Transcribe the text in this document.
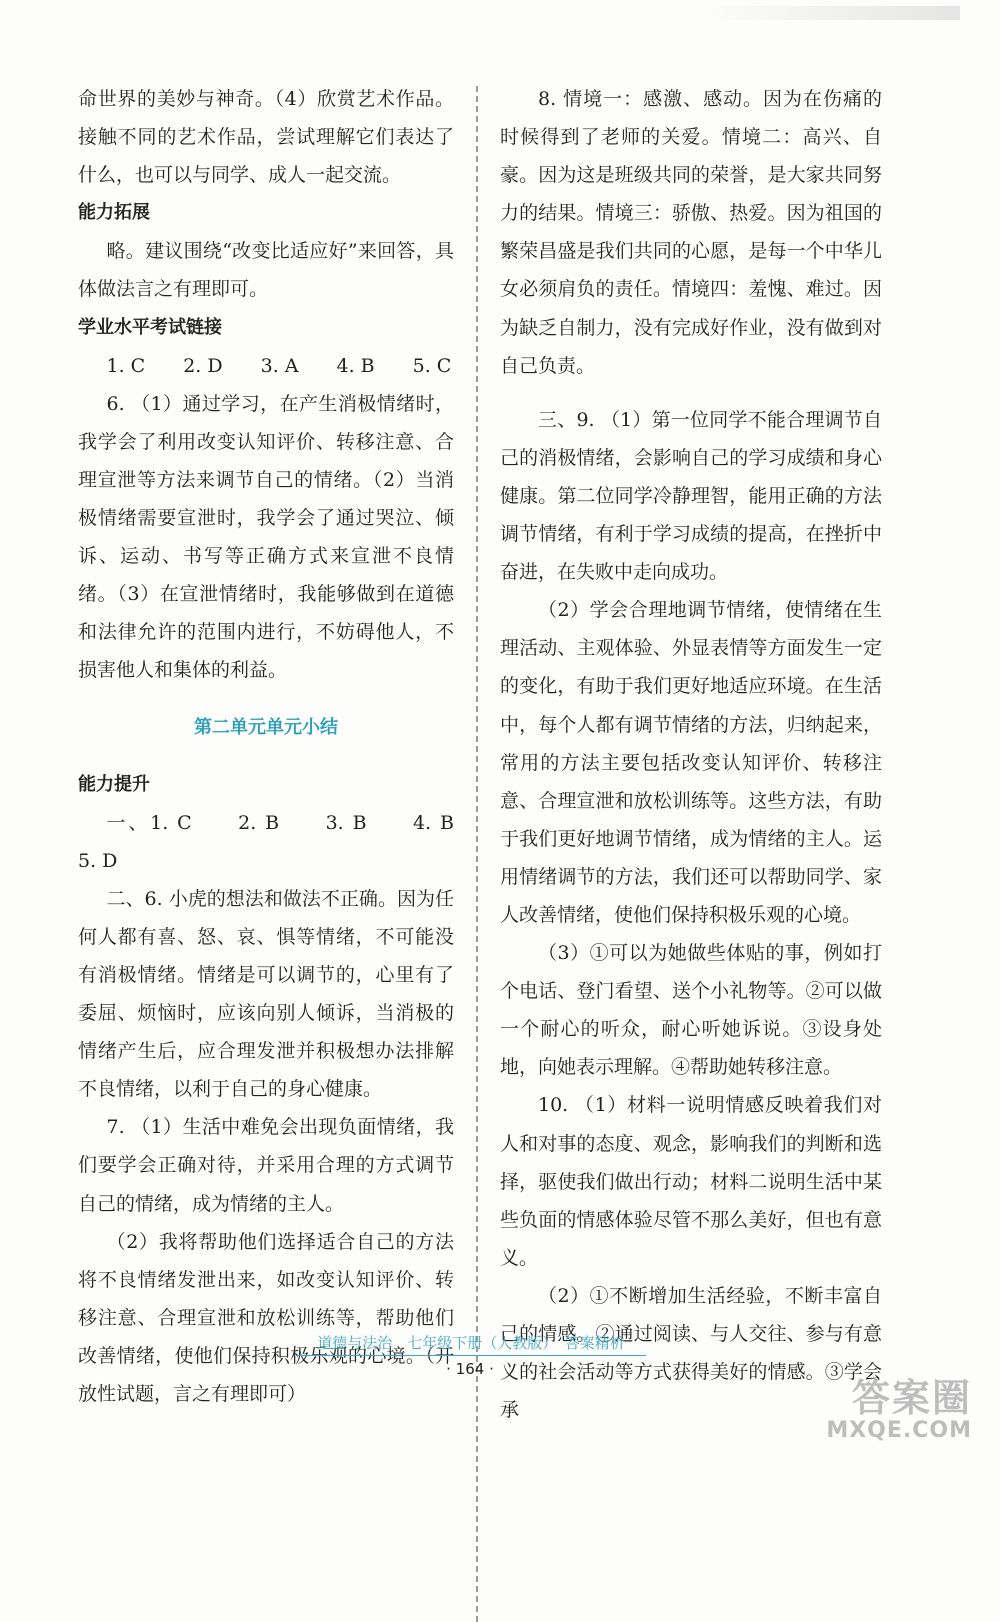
命世界的美妙与神奇。（4）欣赏艺术作品。接触不同的艺术作品，尝试理解它们表达了什么，也可以与同学、成人一起交流。

能力拓展

略。建议围绕“改变比适应好”来回答，具体做法言之有理即可。

学业水平考试链接

1. C　　2. D　　3. A　　4. B　　5. C

6. （1）通过学习，在产生消极情绪时，我学会了利用改变认知评价、转移注意、合理宣泄等方法来调节自己的情绪。（2）当消极情绪需要宣泄时，我学会了通过哭泣、倾诉、运动、书写等正确方式来宣泄不良情绪。（3）在宣泄情绪时，我能够做到在道德和法律允许的范围内进行，不妨碍他人，不损害他人和集体的利益。

第二单元单元小结

能力提升

一、1. C　　2. B　　3. B　　4. B　　5. D

二、6. 小虎的想法和做法不正确。因为任何人都有喜、怒、哀、惧等情绪，不可能没有消极情绪。情绪是可以调节的，心里有了委屈、烦恼时，应该向别人倾诉，当消极的情绪产生后，应合理发泄并积极想办法排解不良情绪，以利于自己的身心健康。

7. （1）生活中难免会出现负面情绪，我们要学会正确对待，并采用合理的方式调节自己的情绪，成为情绪的主人。

（2）我将帮助他们选择适合自己的方法将不良情绪发泄出来，如改变认知评价、转移注意、合理宣泄和放松训练等，帮助他们改善情绪，使他们保持积极乐观的心境。（开放性试题，言之有理即可）

8. 情境一：感激、感动。因为在伤痛的时候得到了老师的关爱。情境二：高兴、自豪。因为这是班级共同的荣誉，是大家共同努力的结果。情境三：骄傲、热爱。因为祖国的繁荣昌盛是我们共同的心愿，是每一个中华儿女必须肩负的责任。情境四：羞愧、难过。因为缺乏自制力，没有完成好作业，没有做到对自己负责。

三、9. （1）第一位同学不能合理调节自己的消极情绪，会影响自己的学习成绩和身心健康。第二位同学冷静理智，能用正确的方法调节情绪，有利于学习成绩的提高，在挫折中奋进，在失败中走向成功。

（2）学会合理地调节情绪，使情绪在生理活动、主观体验、外显表情等方面发生一定的变化，有助于我们更好地适应环境。在生活中，每个人都有调节情绪的方法，归纳起来，常用的方法主要包括改变认知评价、转移注意、合理宣泄和放松训练等。这些方法，有助于我们更好地调节情绪，成为情绪的主人。运用情绪调节的方法，我们还可以帮助同学、家人改善情绪，使他们保持积极乐观的心境。

（3）①可以为她做些体贴的事，例如打个电话、登门看望、送个小礼物等。②可以做一个耐心的听众，耐心听她诉说。③设身处地，向她表示理解。④帮助她转移注意。

10. （1）材料一说明情感反映着我们对人和对事的态度、观念，影响我们的判断和选择，驱使我们做出行动；材料二说明生活中某些负面的情感体验尽管不那么美好，但也有意义。

（2）①不断增加生活经验，不断丰富自己的情感。②通过阅读、与人交往、参与有意义的社会活动等方式获得美好的情感。③学会承

道德与法治　七年级下册（人教版）　答案精析
· 164 ·
答案圈
MXQE.COM
